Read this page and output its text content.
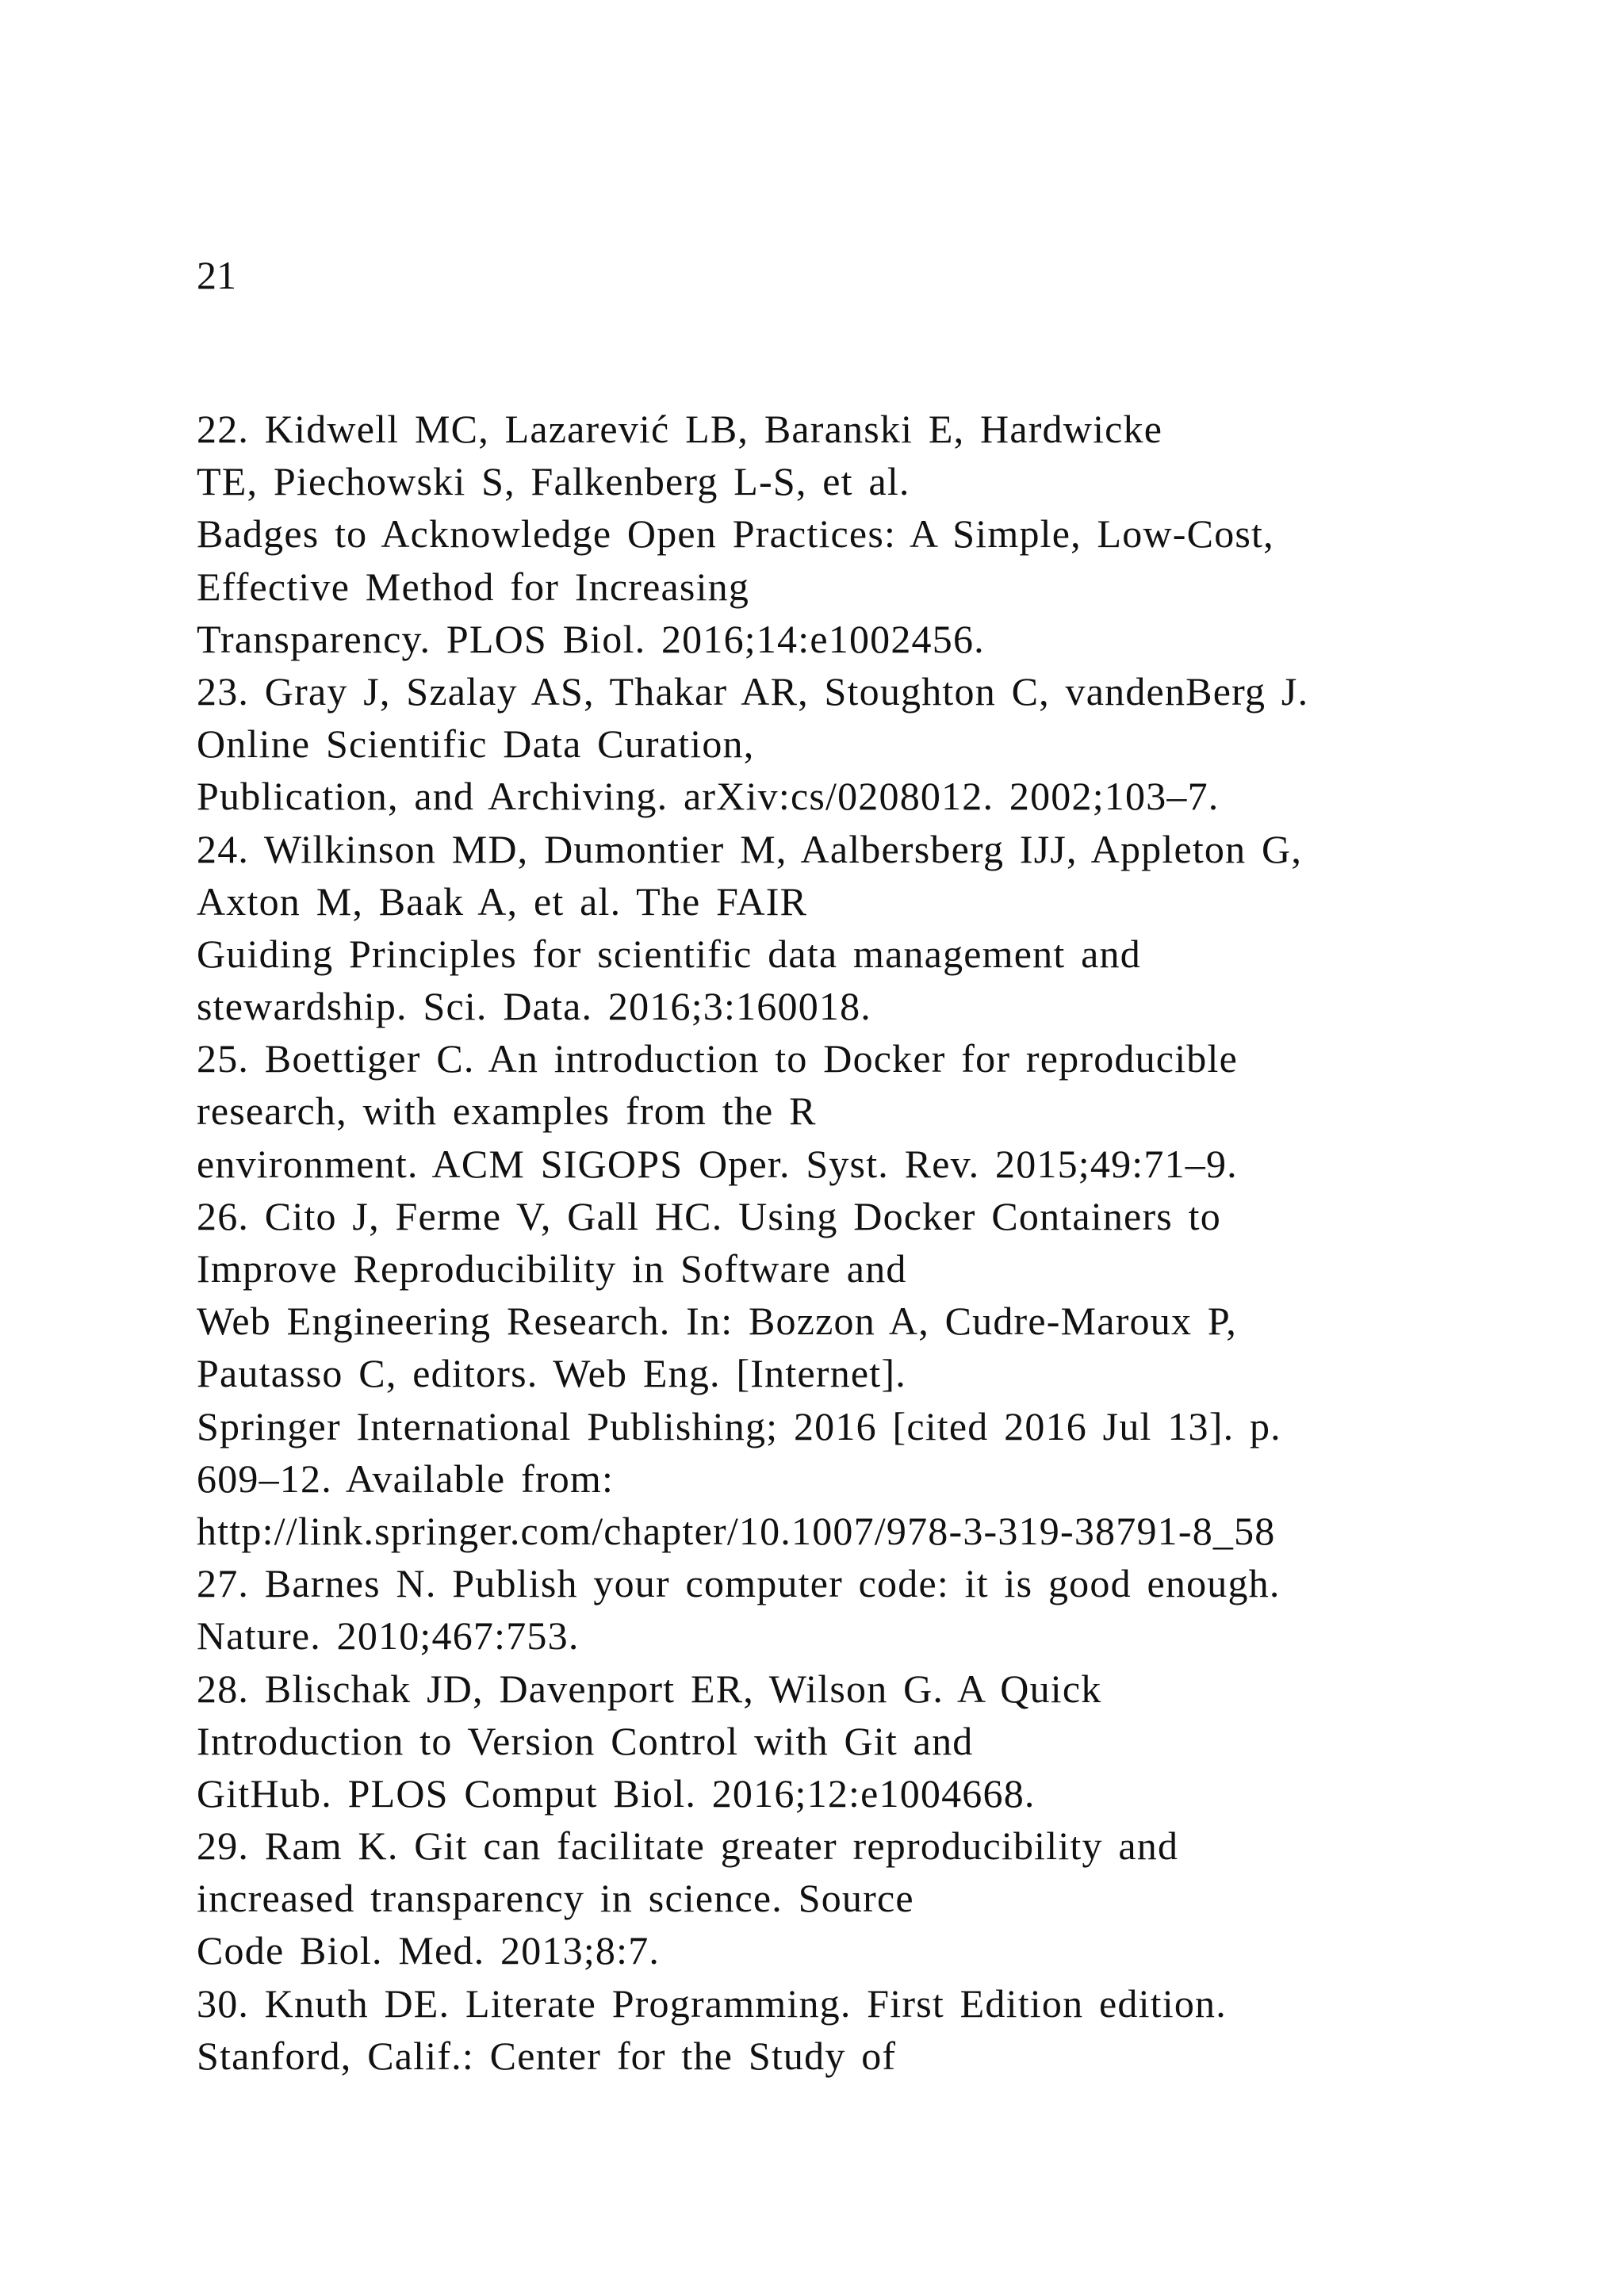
21
22. Kidwell MC, Lazarević LB, Baranski E, Hardwicke
TE, Piechowski S, Falkenberg L-S, et al.
Badges to Acknowledge Open Practices: A Simple, Low-Cost,
Effective Method for Increasing
Transparency. PLOS Biol. 2016;14:e1002456.
23. Gray J, Szalay AS, Thakar AR, Stoughton C, vandenBerg J.
Online Scientific Data Curation,
Publication, and Archiving. arXiv:cs/0208012. 2002;103–7.
24. Wilkinson MD, Dumontier M, Aalbersberg IJJ, Appleton G,
Axton M, Baak A, et al. The FAIR
Guiding Principles for scientific data management and
stewardship. Sci. Data. 2016;3:160018.
25. Boettiger C. An introduction to Docker for reproducible
research, with examples from the R
environment. ACM SIGOPS Oper. Syst. Rev. 2015;49:71–9.
26. Cito J, Ferme V, Gall HC. Using Docker Containers to
Improve Reproducibility in Software and
Web Engineering Research. In: Bozzon A, Cudre-Maroux P,
Pautasso C, editors. Web Eng. [Internet].
Springer International Publishing; 2016 [cited 2016 Jul 13]. p.
609–12. Available from:
http://link.springer.com/chapter/10.1007/978-3-319-38791-8_58
27. Barnes N. Publish your computer code: it is good enough.
Nature. 2010;467:753.
28. Blischak JD, Davenport ER, Wilson G. A Quick
Introduction to Version Control with Git and
GitHub. PLOS Comput Biol. 2016;12:e1004668.
29. Ram K. Git can facilitate greater reproducibility and
increased transparency in science. Source
Code Biol. Med. 2013;8:7.
30. Knuth DE. Literate Programming. First Edition edition.
Stanford, Calif.: Center for the Study of
